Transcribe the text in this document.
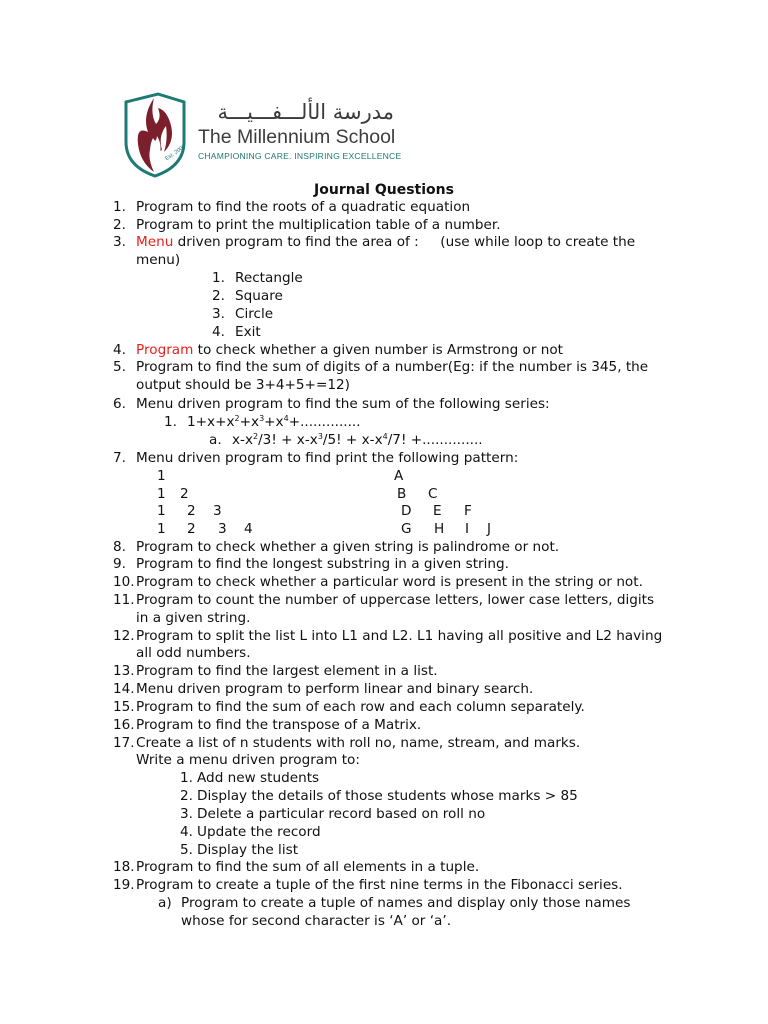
مدرسة الألـــفـــيـــة
The Millennium School
CHAMPIONING CARE. INSPIRING EXCELLENCE
Est. 2000
Journal Questions
1. Program to find the roots of a quadratic equation
2. Program to print the multiplication table of a number.
3. Menu driven program to find the area of :     (use while loop to create the
menu)
1. Rectangle
2. Square
3. Circle
4. Exit
4. Program to check whether a given number is Armstrong or not
5. Program to find the sum of digits of a number(Eg: if the number is 345, the
output should be 3+4+5+=12)
6. Menu driven program to find the sum of the following series:
1. $1+x+x^2+x^3+x^4+$..............
a. $x-x^2/3$! + $x-x^3/5$! + $x-x^4/7$! +..............
7. Menu driven program to find print the following pattern:
1
1 2
1 2 3
1 2 3 4
A
B C
D E F
G H I J
8. Program to check whether a given string is palindrome or not.
9. Program to find the longest substring in a given string.
10. Program to check whether a particular word is present in the string or not.
11. Program to count the number of uppercase letters, lower case letters, digits
in a given string.
12. Program to split the list L into L1 and L2. L1 having all positive and L2 having
all odd numbers.
13. Program to find the largest element in a list.
14. Menu driven program to perform linear and binary search.
15. Program to find the sum of each row and each column separately.
16. Program to find the transpose of a Matrix.
17. Create a list of n students with roll no, name, stream, and marks.
Write a menu driven program to:
1. Add new students
2. Display the details of those students whose marks > 85
3. Delete a particular record based on roll no
4. Update the record
5. Display the list
18. Program to find the sum of all elements in a tuple.
19. Program to create a tuple of the first nine terms in the Fibonacci series.
a) Program to create a tuple of names and display only those names
whose for second character is ‘A’ or ‘a’.
